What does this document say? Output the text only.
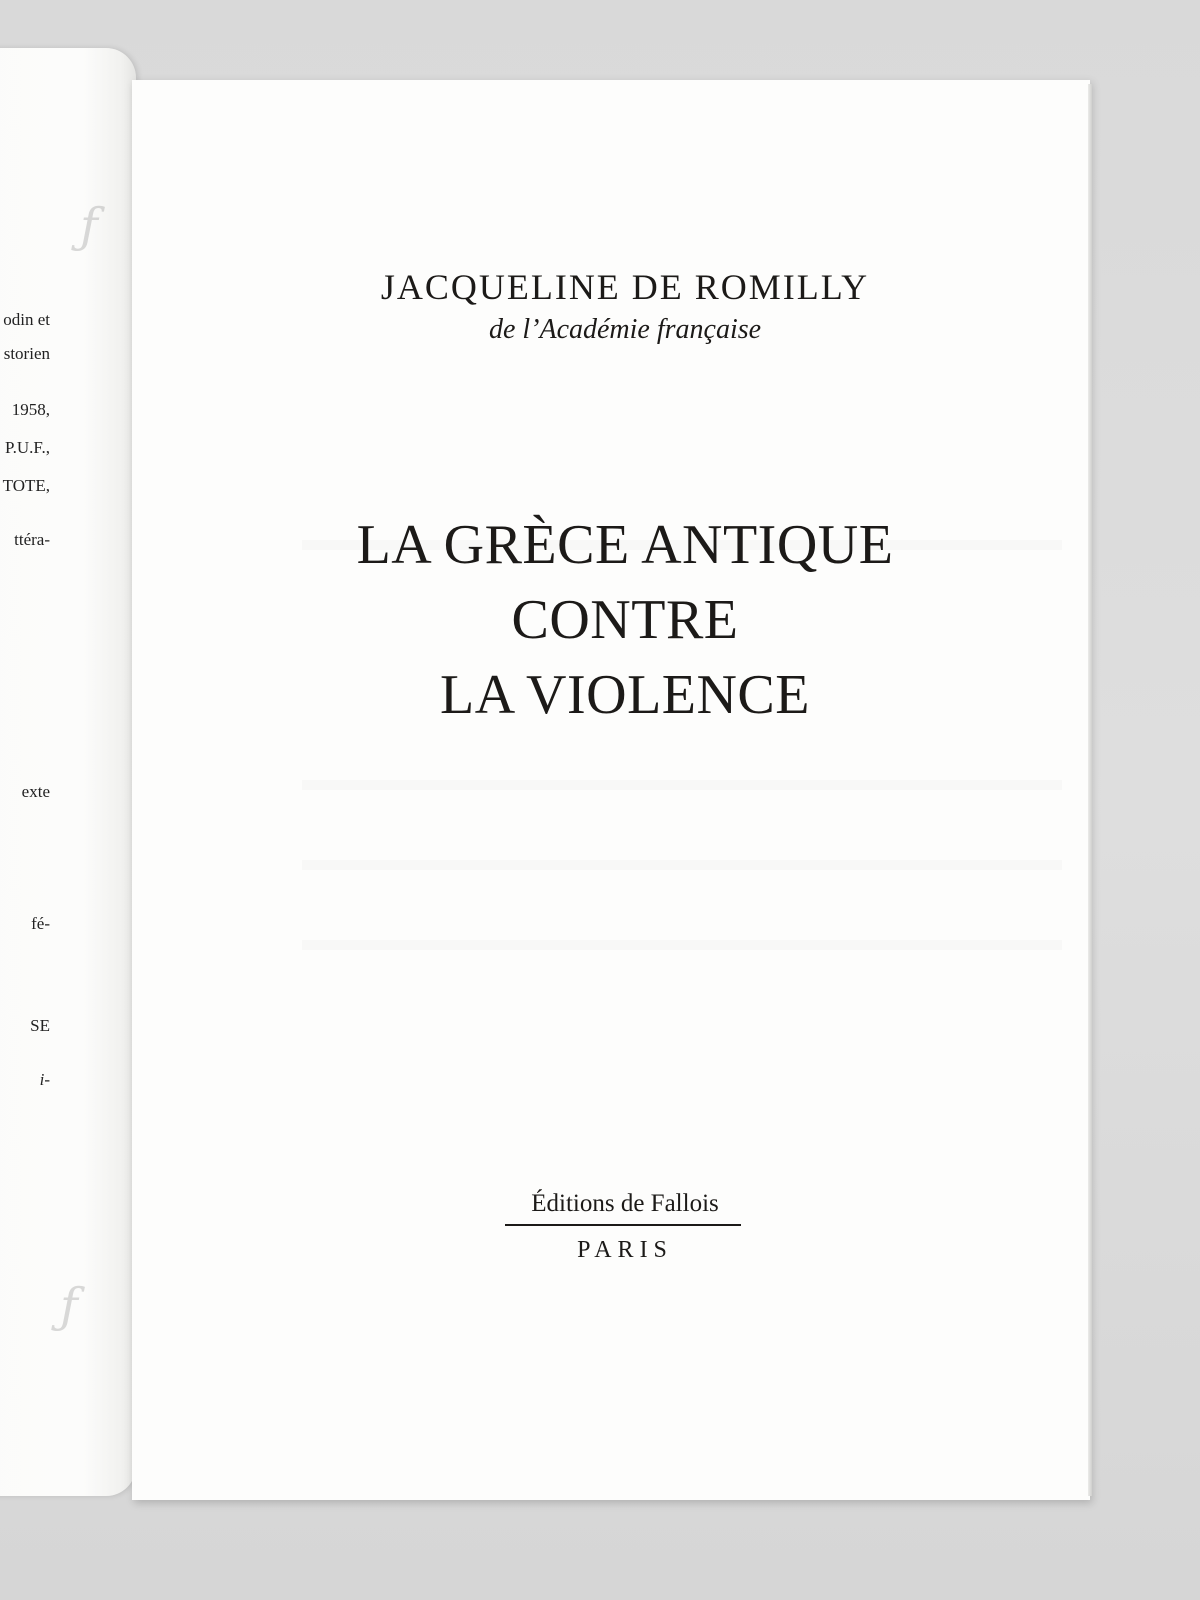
ƒ
odin et
storien
1958,
P.U.F.,
TOTE,
ttéra-
exte
fé-
SE
i-
ƒ
JACQUELINE DE ROMILLY
de l’Académie française
LA GRÈCE ANTIQUE
CONTRE
LA VIOLENCE
Éditions de Fallois
PARIS
